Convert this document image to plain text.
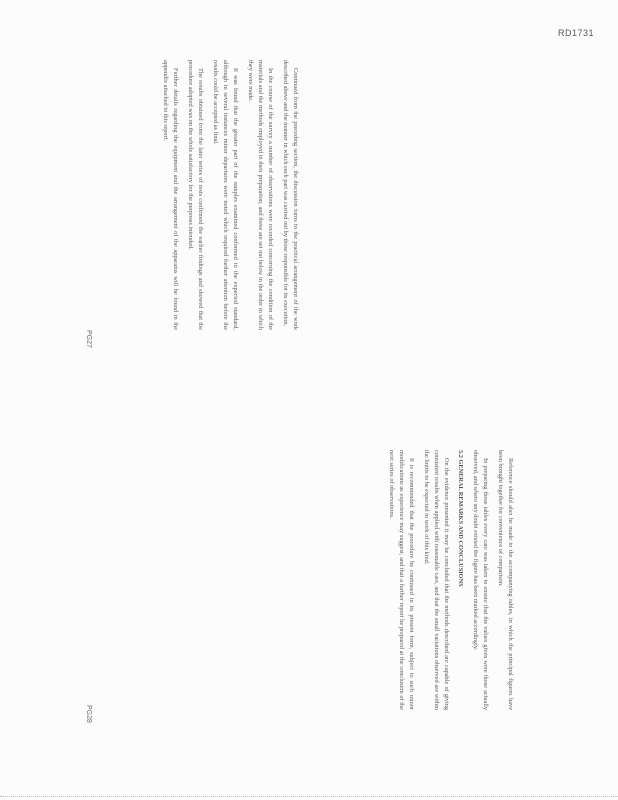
RD1731

Continued from the preceding section, the discussion turns to the practical arrangement of the work described above and the manner in which each part was carried out by those responsible for its execution.

In the course of the survey a number of observations were recorded concerning the condition of the materials and the methods employed in their preparation, and these are set out below in the order in which they were made.

It was found that the greater part of the samples examined conformed to the expected standard, although in several instances minor departures were noted which required further attention before the results could be accepted as final.

The results obtained from the later series of tests confirmed the earlier findings and showed that the procedure adopted was on the whole satisfactory for the purposes intended.

Further details regarding the equipment and the arrangement of the apparatus will be found in the appendix attached to this report.

Reference should also be made to the accompanying tables, in which the principal figures have been brought together for convenience of comparison.

In preparing these tables every care was taken to ensure that the values given were those actually observed, and where any doubt existed the figure has been marked accordingly.

5.2 GENERAL REMARKS AND CONCLUSIONS

On the evidence presented it may be concluded that the methods described are capable of giving consistent results when applied with reasonable care, and that the small variations observed are within the limits to be expected in work of this kind.

It is recommended that the procedure be continued in its present form, subject to such minor modifications as experience may suggest, and that a further report be prepared at the conclusion of the next series of observations.

PG27
PG28
